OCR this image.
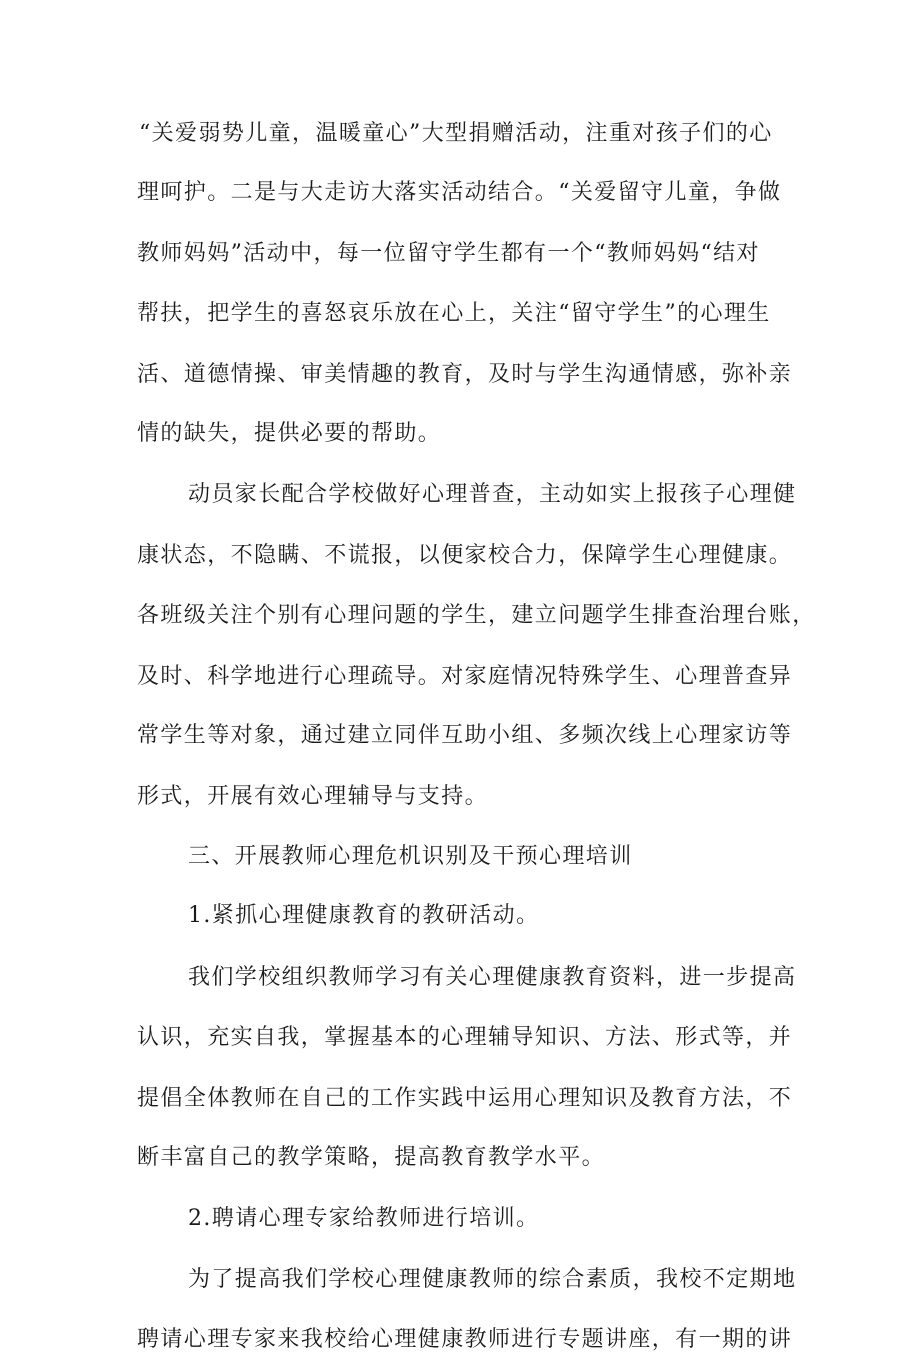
“关爱弱势儿童，温暖童心”大型捐赠活动，注重对孩子们的心
理呵护。二是与大走访大落实活动结合。“关爱留守儿童，争做
教师妈妈”活动中，每一位留守学生都有一个“教师妈妈“结对
帮扶，把学生的喜怒哀乐放在心上，关注“留守学生”的心理生
活、道德情操、审美情趣的教育，及时与学生沟通情感，弥补亲
情的缺失，提供必要的帮助。
动员家长配合学校做好心理普查，主动如实上报孩子心理健
康状态，不隐瞒、不谎报，以便家校合力，保障学生心理健康。
各班级关注个别有心理问题的学生，建立问题学生排查治理台账，
及时、科学地进行心理疏导。对家庭情况特殊学生、心理普查异
常学生等对象，通过建立同伴互助小组、多频次线上心理家访等
形式，开展有效心理辅导与支持。
三、开展教师心理危机识别及干预心理培训
1.紧抓心理健康教育的教研活动。
我们学校组织教师学习有关心理健康教育资料，进一步提高
认识，充实自我，掌握基本的心理辅导知识、方法、形式等，并
提倡全体教师在自己的工作实践中运用心理知识及教育方法，不
断丰富自己的教学策略，提高教育教学水平。
2.聘请心理专家给教师进行培训。
为了提高我们学校心理健康教师的综合素质，我校不定期地
聘请心理专家来我校给心理健康教师进行专题讲座，有一期的讲
